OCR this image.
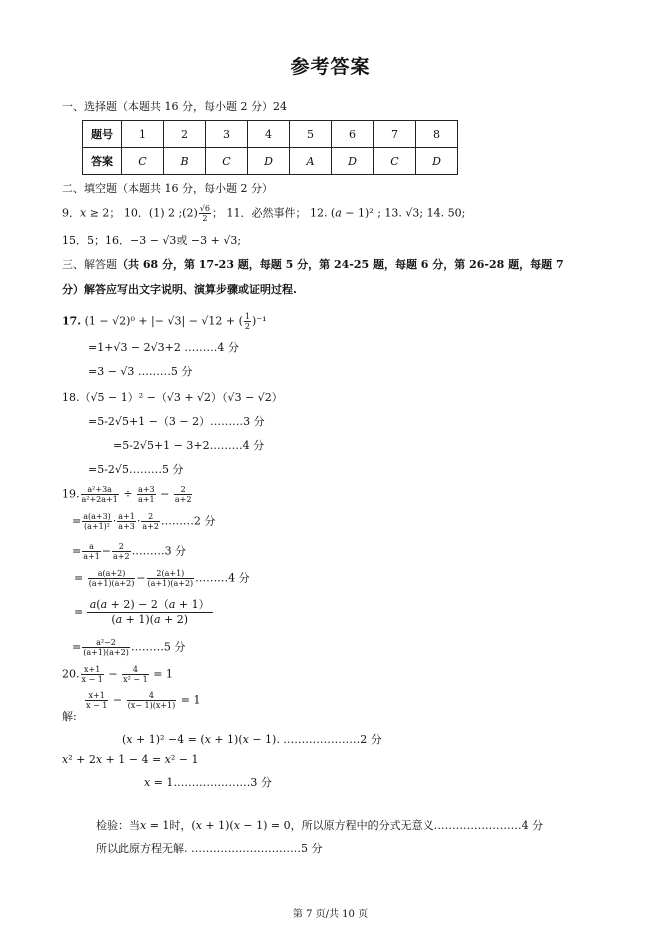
参考答案
一、选择题（本题共 16 分，每小题 2 分）24
题号	1	2	3	4	5	6	7	8
答案	C	B	C	D	A	D	C	D
二、填空题（本题共 16 分，每小题 2 分）
9．𝑥 ≥ 2； 10．(1) 2 ;(2) $\frac{√6}{2}$ ； 11．必然事件； 12. (𝑎 − 1)² ; 13. √3; 14. 50;
15．5；16．−3 − √3或 −3 + √3;
三、解答题（共 68 分，第 17-23 题，每题 5 分，第 24-25 题，每题 6 分，第 26-28 题，每题 7
分）解答应写出文字说明、演算步骤或证明过程.
17. (1 − √2)⁰ + |− √3| − √12 + ( $\frac{1}{2} )^{-1}$
=1+√3 − 2√3+2 ………4 分
=3 − √3 ………5 分
18.（√5 − 1）² −（√3 + √2）（√3 − √2）
=5-2√5+1 −（3 − 2）………3 分
=5-2√5+1 − 3+2………4 分
=5-2√5………5 分
19. $\frac{\text{a²+3a}}{\text{a²+2a+1}} \div \frac{a+3}{a+1} - \frac{2}{a+2}$
= $\frac{a(a+3)}{\text{(a+1)²}} \cdot \frac{a+1}{a+3} \cdot \frac{2}{a+2}$ ………2 分
= $\frac{a}{a+1} - \frac{2}{a+2}$ ………3 分
= $\frac{a(a+2)}{(a+1)(a+2)} - \frac{2(a+1)}{(a+1)(a+2)}$ ………4 分
=
𝑎(𝑎 + 2) − 2（𝑎 + 1）
(𝑎 + 1)(𝑎 + 2)
= $\frac{\text{a²−2}}{(a+1)(a+2)}$ ………5 分
20. $\frac{x+1}{x - 1} - \frac{4}{\text{x² − 1}} = 1$
$\frac{x+1}{x - 1} - \frac{4}{(x- 1)(x+1)} = 1$
解:
(𝑥 + 1)² −4 = (𝑥 + 1)(𝑥 − 1). …………………2 分
𝑥² + 2𝑥 + 1 − 4 = 𝑥² − 1
𝑥 = 1…………………3 分
检验：当𝑥 = 1时，(𝑥 + 1)(𝑥 − 1) = 0，所以原方程中的分式无意义……………………4 分
所以此原方程无解. …………………………5 分
第 7 页/共 10 页
